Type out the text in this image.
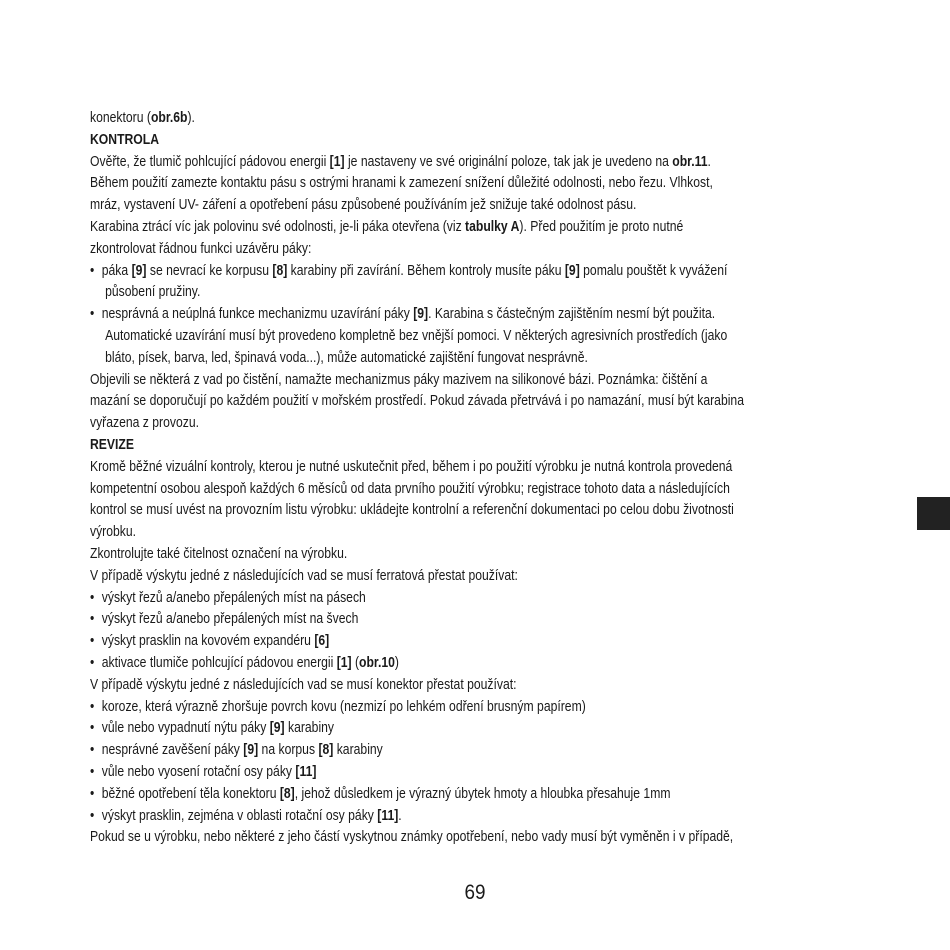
konektoru (obr.6b).

KONTROLA

Ověřte, že tlumič pohlcující pádovou energii [1] je nastaveny ve své originální poloze, tak jak je uvedeno na obr.11.

Během použití zamezte kontaktu pásu s ostrými hranami k zamezení snížení důležité odolnosti, nebo řezu. Vlhkost,

mráz, vystavení UV- záření a opotřebení pásu způsobené používáním jež snižuje také odolnost pásu.

Karabina ztrácí víc jak polovinu své odolnosti, je-li páka otevřena (viz tabulky A). Před použitím je proto nutné

zkontrolovat řádnou funkci uzávěru páky:

• páka [9] se nevrací ke korpusu [8] karabiny při zavírání. Během kontroly musíte páku [9] pomalu pouštět k vyvážení

působení pružiny.

• nesprávná a neúplná funkce mechanizmu uzavírání páky [9]. Karabina s částečným zajištěním nesmí být použita.

Automatické uzavírání musí být provedeno kompletně bez vnější pomoci. V některých agresivních prostředích (jako

bláto, písek, barva, led, špinavá voda...), může automatické zajištění fungovat nesprávně.

Objevili se některá z vad po čistění, namažte mechanizmus páky mazivem na silikonové bázi. Poznámka: čištění a

mazání se doporučují po každém použití v mořském prostředí. Pokud závada přetrvává i po namazání, musí být karabina

vyřazena z provozu.

REVIZE

Kromě běžné vizuální kontroly, kterou je nutné uskutečnit před, během i po použití výrobku je nutná kontrola provedená

kompetentní osobou alespoň každých 6 měsíců od data prvního použití výrobku; registrace tohoto data a následujících

kontrol se musí uvést na provozním listu výrobku: ukládejte kontrolní a referenční dokumentaci po celou dobu životnosti

výrobku.

Zkontrolujte také čitelnost označení na výrobku.

V případě výskytu jedné z následujících vad se musí ferratová přestat používat:

• výskyt řezů a/anebo přepálených míst na pásech

• výskyt řezů a/anebo přepálených míst na švech

• výskyt prasklin na kovovém expandéru [6]

• aktivace tlumiče pohlcující pádovou energii [1] (obr.10)

V případě výskytu jedné z následujících vad se musí konektor přestat používat:

• koroze, která výrazně zhoršuje povrch kovu (nezmizí po lehkém odření brusným papírem)

• vůle nebo vypadnutí nýtu páky [9] karabiny

• nesprávné zavěšení páky [9] na korpus [8] karabiny

• vůle nebo vyosení rotační osy páky [11]

• běžné opotřebení těla konektoru [8], jehož důsledkem je výrazný úbytek hmoty a hloubka přesahuje 1mm

• výskyt prasklin, zejména v oblasti rotační osy páky [11].

Pokud se u výrobku, nebo některé z jeho částí vyskytnou známky opotřebení, nebo vady musí být vyměněn i v případě,

69
